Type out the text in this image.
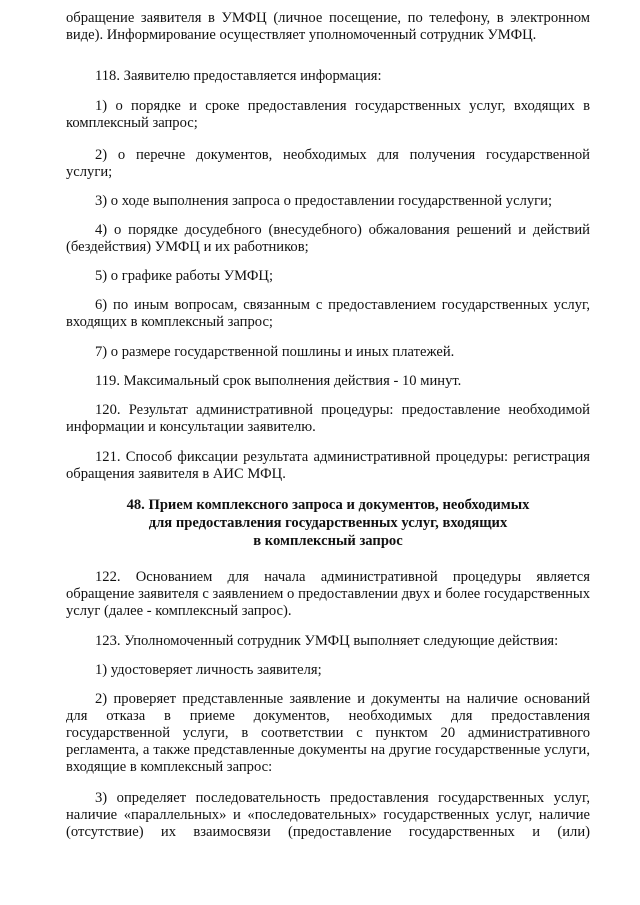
обращение заявителя в УМФЦ (личное посещение, по телефону, в электронном виде). Информирование осуществляет уполномоченный сотрудник УМФЦ.

118. Заявителю предоставляется информация:

1) о порядке и сроке предоставления государственных услуг, входящих в комплексный запрос;

2) о перечне документов, необходимых для получения государственной услуги;

3) о ходе выполнения запроса о предоставлении государственной услуги;

4) о порядке досудебного (внесудебного) обжалования решений и действий (бездействия) УМФЦ и их работников;

5) о графике работы УМФЦ;

6) по иным вопросам, связанным с предоставлением государственных услуг, входящих в комплексный запрос;

7) о размере государственной пошлины и иных платежей.

119. Максимальный срок выполнения действия - 10 минут.

120. Результат административной процедуры: предоставление необходимой информации и консультации заявителю.

121. Способ фиксации результата административной процедуры: регистрация обращения заявителя в АИС МФЦ.

48. Прием комплексного запроса и документов, необходимых
для предоставления государственных услуг, входящих
в комплексный запрос

122. Основанием для начала административной процедуры является обращение заявителя с заявлением о предоставлении двух и более государственных услуг (далее - комплексный запрос).

123. Уполномоченный сотрудник УМФЦ выполняет следующие действия:

1) удостоверяет личность заявителя;

2) проверяет представленные заявление и документы на наличие оснований для отказа в приеме документов, необходимых для предоставления государственной услуги, в соответствии с пунктом 20 административного регламента, а также представленные документы на другие государственные услуги, входящие в комплексный запрос:

3) определяет последовательность предоставления государственных услуг, наличие «параллельных» и «последовательных» государственных услуг, наличие (отсутствие) их взаимосвязи (предоставление государственных и (или)
